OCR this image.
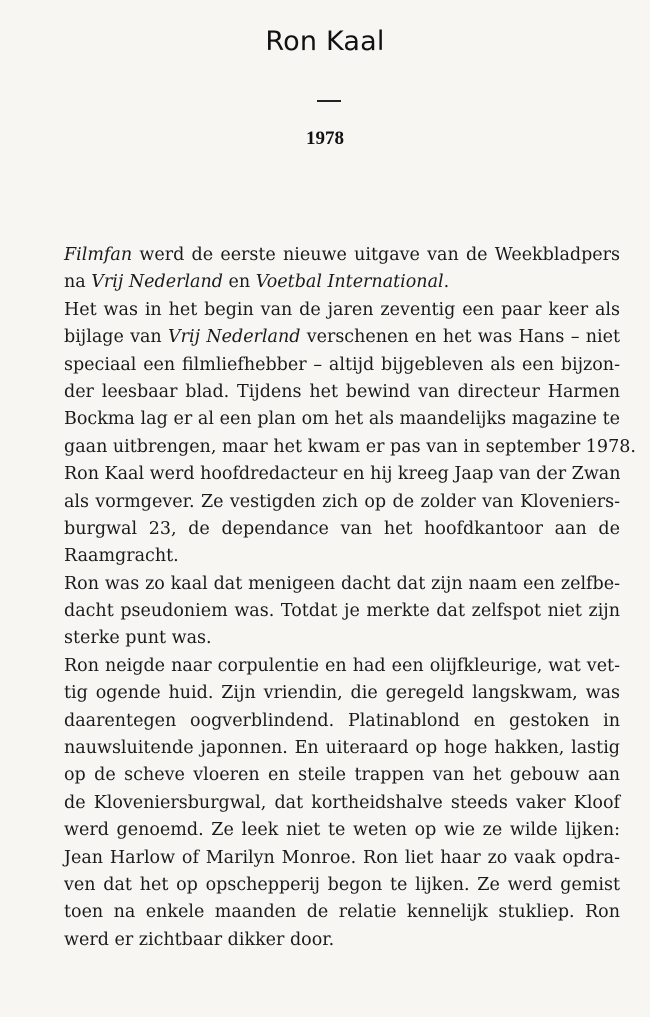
Ron Kaal
1978
Filmfan werd de eerste nieuwe uitgave van de Weekbladpers
na Vrij Nederland en Voetbal International.
Het was in het begin van de jaren zeventig een paar keer als
bijlage van Vrij Nederland verschenen en het was Hans – niet
speciaal een filmliefhebber – altijd bijgebleven als een bijzon-
der leesbaar blad. Tijdens het bewind van directeur Harmen
Bockma lag er al een plan om het als maandelijks magazine te
gaan uitbrengen, maar het kwam er pas van in september 1978.
Ron Kaal werd hoofdredacteur en hij kreeg Jaap van der Zwan
als vormgever. Ze vestigden zich op de zolder van Kloveniers-
burgwal 23, de dependance van het hoofdkantoor aan de
Raamgracht.
Ron was zo kaal dat menigeen dacht dat zijn naam een zelfbe-
dacht pseudoniem was. Totdat je merkte dat zelfspot niet zijn
sterke punt was.
Ron neigde naar corpulentie en had een olijfkleurige, wat vet-
tig ogende huid. Zijn vriendin, die geregeld langskwam, was
daarentegen oogverblindend. Platinablond en gestoken in
nauwsluitende japonnen. En uiteraard op hoge hakken, lastig
op de scheve vloeren en steile trappen van het gebouw aan
de Kloveniersburgwal, dat kortheidshalve steeds vaker Kloof
werd genoemd. Ze leek niet te weten op wie ze wilde lijken:
Jean Harlow of Marilyn Monroe. Ron liet haar zo vaak opdra-
ven dat het op opschepperij begon te lijken. Ze werd gemist
toen na enkele maanden de relatie kennelijk stukliep. Ron
werd er zichtbaar dikker door.
